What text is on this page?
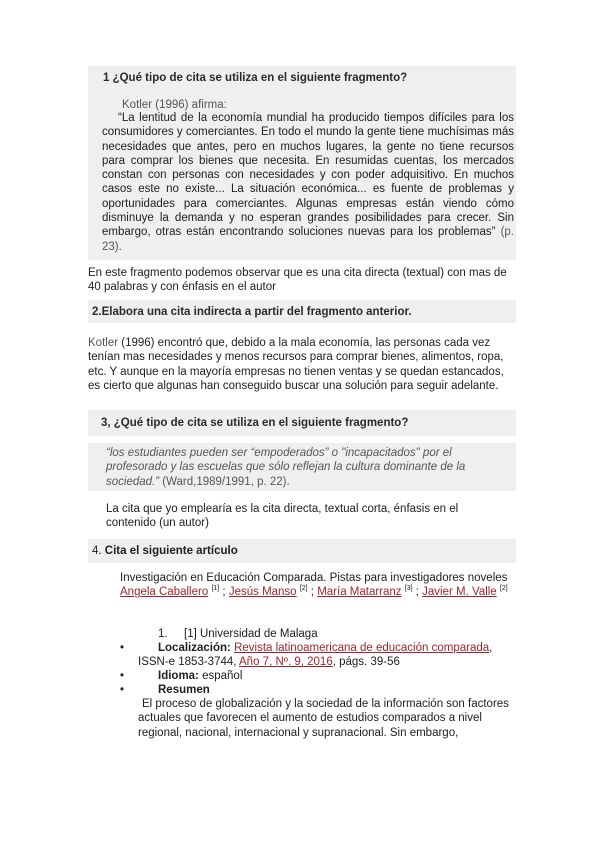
1 ¿Qué tipo de cita se utiliza en el siguiente fragmento?
Kotler (1996) afirma:
“La lentitud de la economía mundial ha producido tiempos difíciles para los consumidores y comerciantes. En todo el mundo la gente tiene muchísimas más necesidades que antes, pero en muchos lugares, la gente no tiene recursos para comprar los bienes que necesita. En resumidas cuentas, los mercados constan con personas con necesidades y con poder adquisitivo. En muchos casos este no existe... La situación económica... es fuente de problemas y oportunidades para comerciantes. Algunas empresas están viendo cómo disminuye la demanda y no esperan grandes posibilidades para crecer. Sin embargo, otras están encontrando soluciones nuevas para los problemas” (p. 23).
En este fragmento podemos observar que es una cita directa (textual) con mas de 40 palabras y con énfasis en el autor
2.Elabora una cita indirecta a partir del fragmento anterior.
Kotler (1996) encontró que, debido a la mala economía, las personas cada vez tenían mas necesidades y menos recursos para comprar bienes, alimentos, ropa, etc. Y aunque en la mayoría empresas no tienen ventas y se quedan estancados, es cierto que algunas han conseguido buscar una solución para seguir adelante.
3, ¿Qué tipo de cita se utiliza en el siguiente fragmento?
“los estudiantes pueden ser “empoderados” o "incapacitados" por el profesorado y las escuelas que sólo reflejan la cultura dominante de la sociedad.” (Ward,1989/1991, p. 22).
La cita que yo emplearía es la cita directa, textual corta, énfasis en el contenido (un autor)
4. Cita el siguiente artículo
Investigación en Educación Comparada. Pistas para investigadores noveles
Angela Caballero [1] ; Jesús Manso [2] ; María Matarranz [3] ; Javier M. Valle [2]
1. [1] Universidad de Malaga
•	Localización: Revista latinoamericana de educación comparada, ISSN-e 1853-3744, Año 7, Nº. 9, 2016, págs. 39-56
•	Idioma: español
•	Resumen
El proceso de globalización y la sociedad de la información son factores actuales que favorecen el aumento de estudios comparados a nivel regional, nacional, internacional y supranacional. Sin embargo,
